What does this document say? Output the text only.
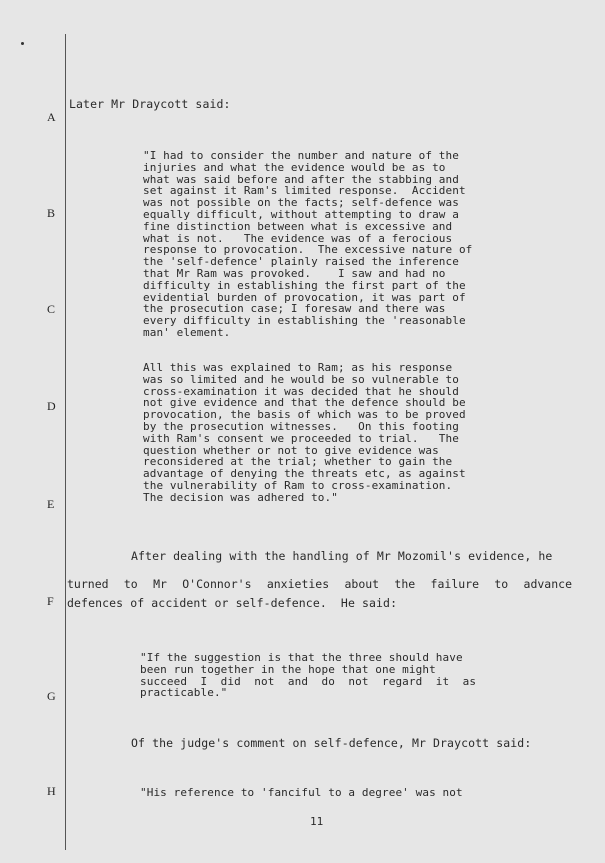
A
B
C
D
E
F
G
H
Later Mr Draycott said:
"I had to consider the number and nature of the
injuries and what the evidence would be as to
what was said before and after the stabbing and
set against it Ram's limited response.  Accident
was not possible on the facts; self-defence was
equally difficult, without attempting to draw a
fine distinction between what is excessive and
what is not.   The evidence was of a ferocious
response to provocation.  The excessive nature of
the 'self-defence' plainly raised the inference
that Mr Ram was provoked.    I saw and had no
difficulty in establishing the first part of the
evidential burden of provocation, it was part of
the prosecution case; I foresaw and there was
every difficulty in establishing the 'reasonable
man' element.
All this was explained to Ram; as his response
was so limited and he would be so vulnerable to
cross-examination it was decided that he should
not give evidence and that the defence should be
provocation, the basis of which was to be proved
by the prosecution witnesses.   On this footing
with Ram's consent we proceeded to trial.   The
question whether or not to give evidence was
reconsidered at the trial; whether to gain the
advantage of denying the threats etc, as against
the vulnerability of Ram to cross-examination.
The decision was adhered to."
After dealing with the handling of Mr Mozomil's evidence, he
turned to Mr O'Connor's anxieties about the failure to advance
defences of accident or self-defence.  He said:
"If the suggestion is that the three should have
been run together in the hope that one might
succeed  I  did  not  and  do  not  regard  it  as
practicable."
Of the judge's comment on self-defence, Mr Draycott said:
"His reference to 'fanciful to a degree' was not
11
